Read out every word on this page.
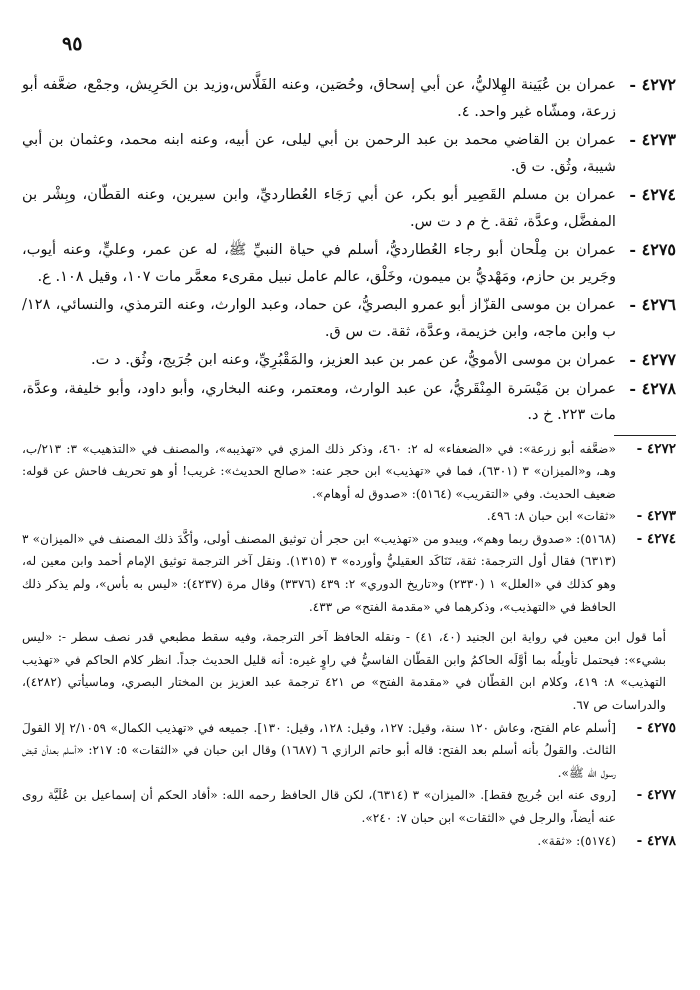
٩٥
٤٢٧٢ -
عمران بن عُيَينة الهِلاليُّ، عن أبي إسحاق، وحُصَين، وعنه الفَلَّاس،وزيد بن الحَرِيش، وجمْع، ضعَّفه أبو زرعة، ومشّاه غير واحد. ٤.
٤٢٧٣ -
عمران بن القاضي محمد بن عبد الرحمن بن أبي ليلى، عن أبيه، وعنه ابنه محمد، وعثمان بن أبي شيبة، وثُق. ت ق.
٤٢٧٤ -
عمران بن مسلم القَصِير أبو بكر، عن أبي رَجَاء العُطارديِّ، وابن سيرين، وعنه القطّان، وبِشْر بن المفضَّل، وعدَّة، ثقة. خ م د ت س.
٤٢٧٥ -
عمران بن مِلْحان أبو رجاء العُطارديُّ، أسلم في حياة النبيِّ ﷺ، له عن عمر، وعليٍّ، وعنه أيوب، وجَرير بن حازم، ومَهْديُّ بن ميمون، وخَلْق، عالم عامل نبيل مقرىء معمَّر مات ١٠٧، وقيل ١٠٨. ع.
٤٢٧٦ -
عمران بن موسى القزّاز أبو عمرو البصريُّ، عن حماد، وعبد الوارث، وعنه الترمذي، والنسائي، ١٢٨/ ب وابن ماجه، وابن خزيمة، وعدَّة، ثقة. ت س ق.
٤٢٧٧ -
عمران بن موسى الأمويُّ، عن عمر بن عبد العزيز، والمَقْبُرِيِّ، وعنه ابن جُرَيج، وثُق. د ت.
٤٢٧٨ -
عمران بن مَيْسَرة المِنْقَريُّ، عن عبد الوارث، ومعتمر، وعنه البخاري، وأبو داود، وأبو خليفة، وعدَّة، مات ٢٢٣. خ د.
٤٢٧٢ -
«ضعَّفه أبو زرعة»: في «الضعفاء» له ٢: ٤٦٠، وذكر ذلك المزي في «تهذيبه»، والمصنف في «التذهيب» ٣: ٢١٣/ب، وهـ، و«الميزان» ٣ (٦٣٠١)، فما في «تهذيب» ابن حجر عنه: «صالح الحديث»: غريب! أو هو تحريف فاحش عن قوله: ضعيف الحديث. وفي «التقريب» (٥١٦٤): «صدوق له أوهام».
٤٢٧٣ -
«ثقات» ابن حبان ٨: ٤٩٦.
٤٢٧٤ -
(٥١٦٨): «صدوق ربما وهم»، ويبدو من «تهذيب» ابن حجر أن توثيق المصنف أولى، وأكَّدَ ذلك المصنف في «الميزان» ٣ (٦٣١٣) فقال أول الترجمة: ثقة، تَنَاكَد العقيليُّ وأورده» ٣ (١٣١٥). ونقل آخر الترجمة توثيق الإمام أحمد وابن معين له، وهو كذلك في «العلل» ١ (٢٣٣٠) و«تاريخ الدوري» ٢: ٤٣٩ (٣٣٧٦) وقال مرة (٤٢٣٧): «ليس به بأس»، ولم يذكر ذلك الحافظ في «التهذيب»، وذكرهما في «مقدمة الفتح» ص ٤٣٣.
أما قول ابن معين في رواية ابن الجنيد (٤٠، ٤١) - ونقله الحافظ آخر الترجمة، وفيه سقط مطبعي قدر نصف سطر -: «ليس بشيء»: فيحتمل تأويلُه بما أوَّلَه الحاكمُ وابن القطّان الفاسيُّ في راوٍ غيره: أنه قليل الحديث جداً. انظر كلام الحاكم في «تهذيب التهذيب» ٨: ٤١٩، وكلام ابن القطّان في «مقدمة الفتح» ص ٤٢١ ترجمة عبد العزيز بن المختار البصري، وماسيأتي (٤٢٨٢)، والدراسات ص ٦٧.
٤٢٧٥ -
[أسلم عام الفتح، وعاش ١٢٠ سنة، وقيل: ١٢٧، وقيل: ١٢٨، وقيل: ١٣٠]. جميعه في «تهذيب الكمال» ٢/١٠٥٩ إلا القولَ الثالث. والقولُ بأنه أسلم بعد الفتح: قاله أبو حاتم الرازي ٦ (١٦٨٧) وقال ابن حبان في «الثقات» ٥: ٢١٧: «أسلم بعدأن قبض رسول الله ﷺ».
٤٢٧٧ -
[روى عنه ابن جُريج فقط]. «الميزان» ٣ (٦٣١٤)، لكن قال الحافظ رحمه الله: «أفاد الحكم أن إسماعيل بن عُلَيَّة روى عنه أيضاً، والرجل في «الثقات» ابن حبان ٧: ٢٤٠».
٤٢٧٨ -
(٥١٧٤): «ثقة».
